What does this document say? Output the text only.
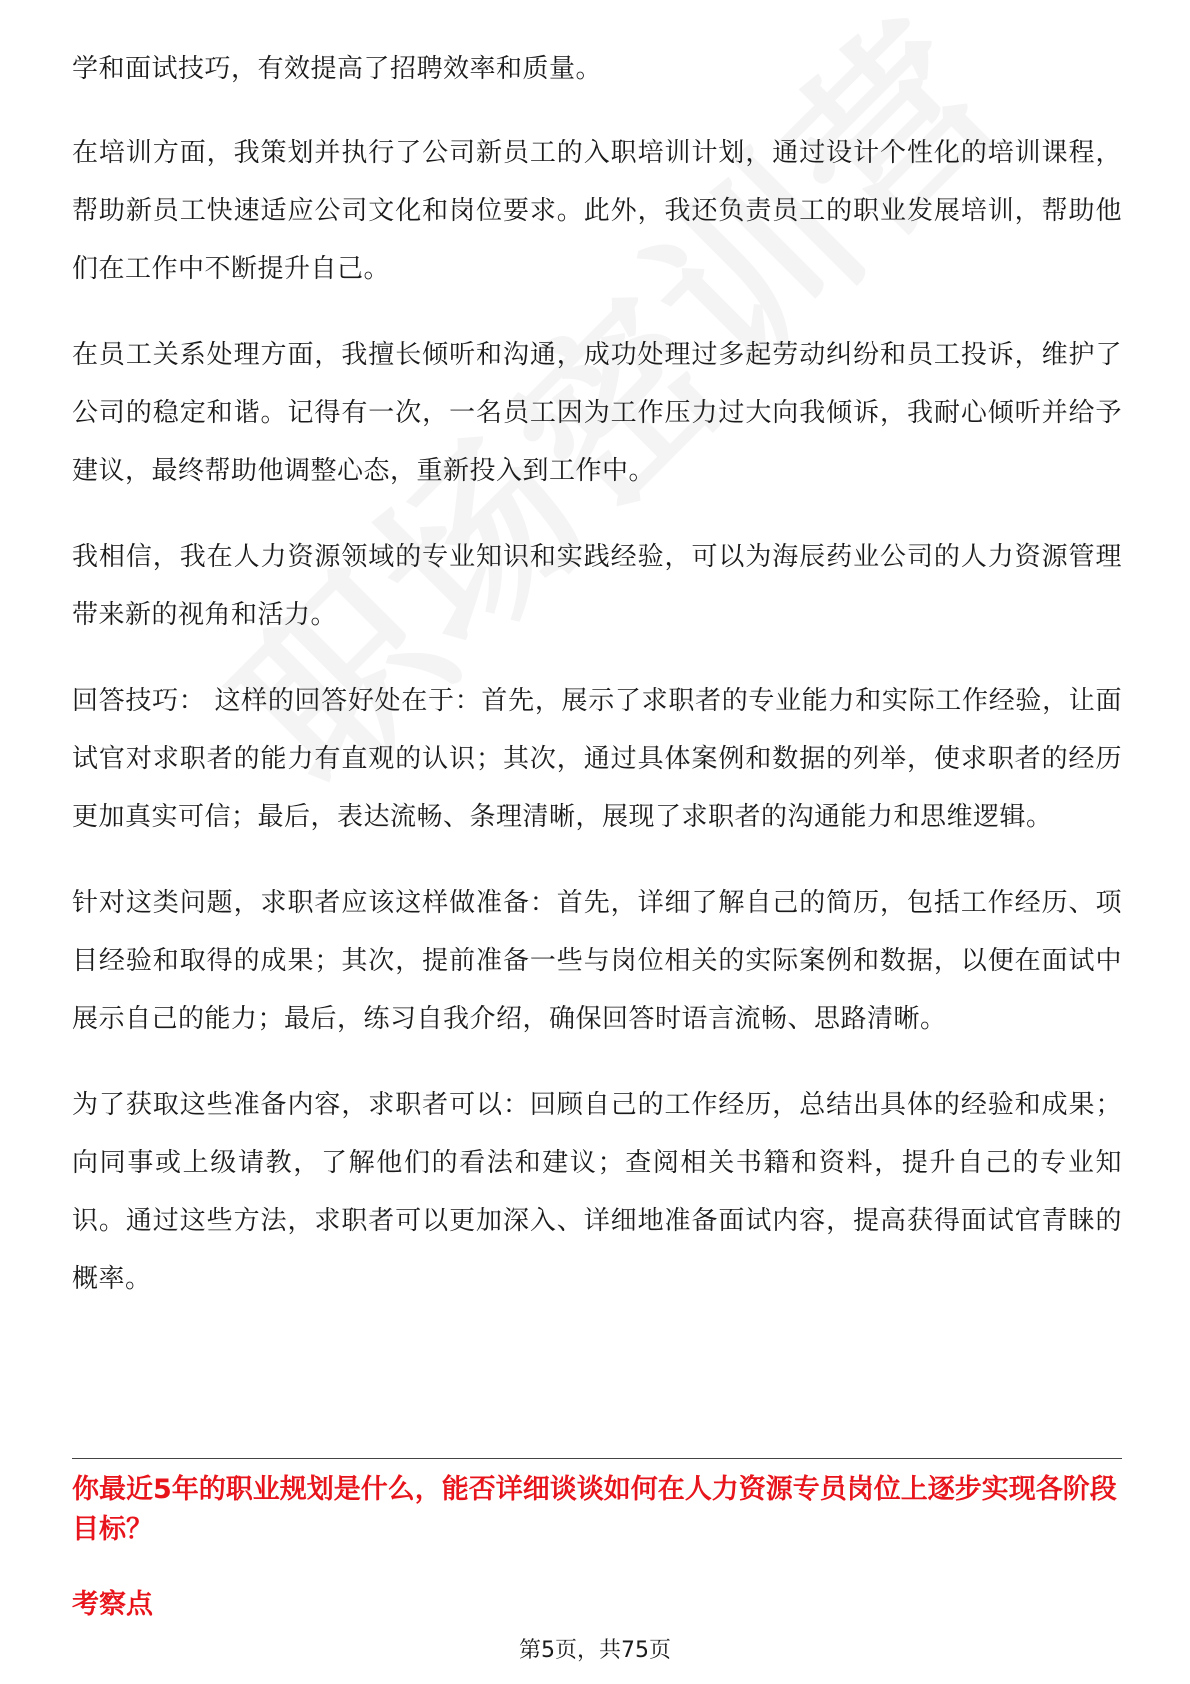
学和面试技巧，有效提高了招聘效率和质量。

在培训方面，我策划并执行了公司新员工的入职培训计划，通过设计个性化的培训课程，帮助新员工快速适应公司文化和岗位要求。此外，我还负责员工的职业发展培训，帮助他们在工作中不断提升自己。

在员工关系处理方面，我擅长倾听和沟通，成功处理过多起劳动纠纷和员工投诉，维护了公司的稳定和谐。记得有一次，一名员工因为工作压力过大向我倾诉，我耐心倾听并给予建议，最终帮助他调整心态，重新投入到工作中。

我相信，我在人力资源领域的专业知识和实践经验，可以为海辰药业公司的人力资源管理带来新的视角和活力。

回答技巧： 这样的回答好处在于：首先，展示了求职者的专业能力和实际工作经验，让面试官对求职者的能力有直观的认识；其次，通过具体案例和数据的列举，使求职者的经历更加真实可信；最后，表达流畅、条理清晰，展现了求职者的沟通能力和思维逻辑。

针对这类问题，求职者应该这样做准备：首先，详细了解自己的简历，包括工作经历、项目经验和取得的成果；其次，提前准备一些与岗位相关的实际案例和数据，以便在面试中展示自己的能力；最后，练习自我介绍，确保回答时语言流畅、思路清晰。

为了获取这些准备内容，求职者可以：回顾自己的工作经历，总结出具体的经验和成果；向同事或上级请教，了解他们的看法和建议；查阅相关书籍和资料，提升自己的专业知识。通过这些方法，求职者可以更加深入、详细地准备面试内容，提高获得面试官青睐的概率。

你最近5年的职业规划是什么，能否详细谈谈如何在人力资源专员岗位上逐步实现各阶段目标？

考察点

第5页，共75页
